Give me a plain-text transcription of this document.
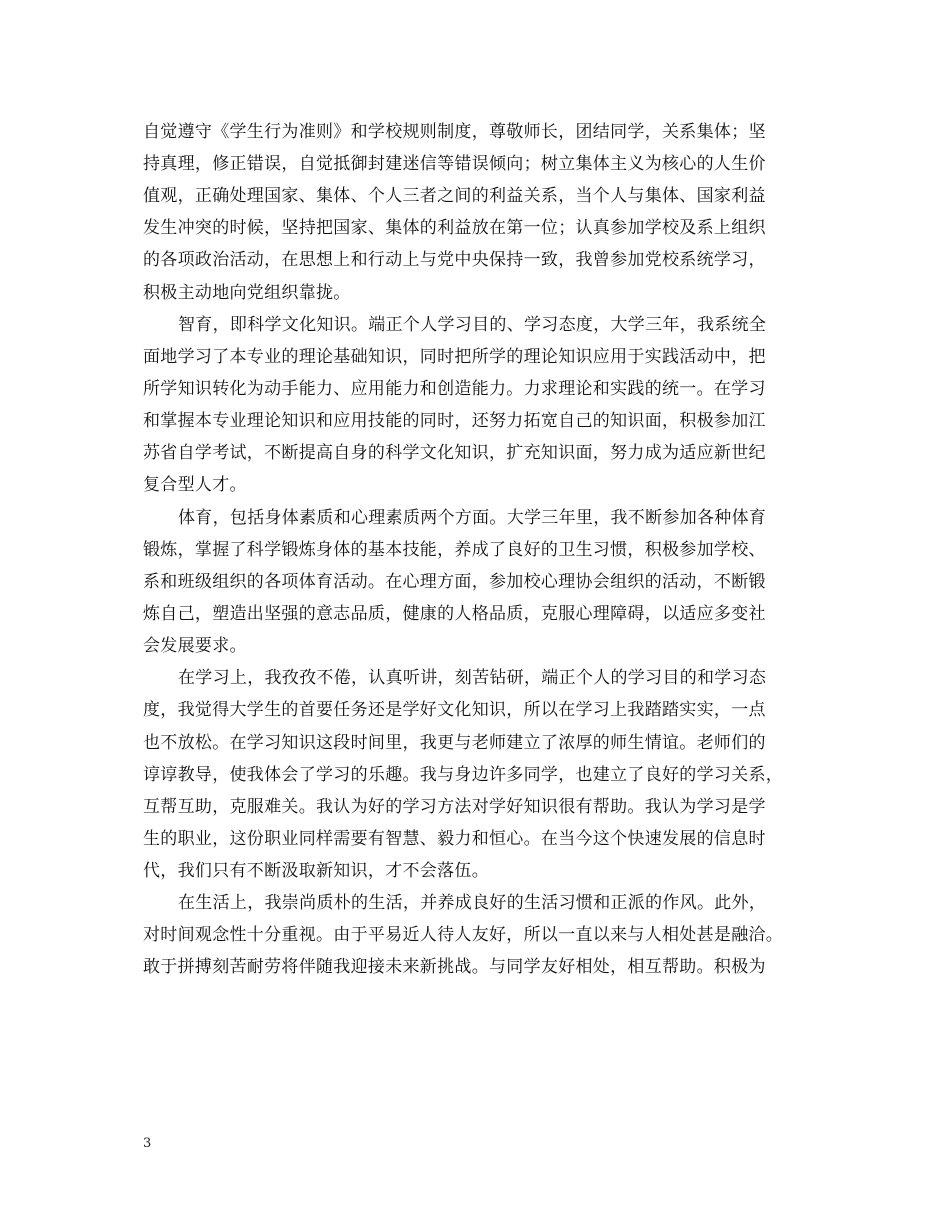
自觉遵守《学生行为准则》和学校规则制度，尊敬师长，团结同学，关系集体；坚
持真理，修正错误，自觉抵御封建迷信等错误倾向；树立集体主义为核心的人生价
值观，正确处理国家、集体、个人三者之间的利益关系，当个人与集体、国家利益
发生冲突的时候，坚持把国家、集体的利益放在第一位；认真参加学校及系上组织
的各项政治活动，在思想上和行动上与党中央保持一致，我曾参加党校系统学习，
积极主动地向党组织靠拢。
智育，即科学文化知识。端正个人学习目的、学习态度，大学三年，我系统全
面地学习了本专业的理论基础知识，同时把所学的理论知识应用于实践活动中，把
所学知识转化为动手能力、应用能力和创造能力。力求理论和实践的统一。在学习
和掌握本专业理论知识和应用技能的同时，还努力拓宽自己的知识面，积极参加江
苏省自学考试，不断提高自身的科学文化知识，扩充知识面，努力成为适应新世纪
复合型人才。
体育，包括身体素质和心理素质两个方面。大学三年里，我不断参加各种体育
锻炼，掌握了科学锻炼身体的基本技能，养成了良好的卫生习惯，积极参加学校、
系和班级组织的各项体育活动。在心理方面，参加校心理协会组织的活动，不断锻
炼自己，塑造出坚强的意志品质，健康的人格品质，克服心理障碍，以适应多变社
会发展要求。
在学习上，我孜孜不倦，认真听讲，刻苦钻研，端正个人的学习目的和学习态
度，我觉得大学生的首要任务还是学好文化知识，所以在学习上我踏踏实实，一点
也不放松。在学习知识这段时间里，我更与老师建立了浓厚的师生情谊。老师们的
谆谆教导，使我体会了学习的乐趣。我与身边许多同学，也建立了良好的学习关系，
互帮互助，克服难关。我认为好的学习方法对学好知识很有帮助。我认为学习是学
生的职业，这份职业同样需要有智慧、毅力和恒心。在当今这个快速发展的信息时
代，我们只有不断汲取新知识，才不会落伍。
在生活上，我崇尚质朴的生活，并养成良好的生活习惯和正派的作风。此外，
对时间观念性十分重视。由于平易近人待人友好，所以一直以来与人相处甚是融洽。
敢于拼搏刻苦耐劳将伴随我迎接未来新挑战。与同学友好相处，相互帮助。积极为
3
